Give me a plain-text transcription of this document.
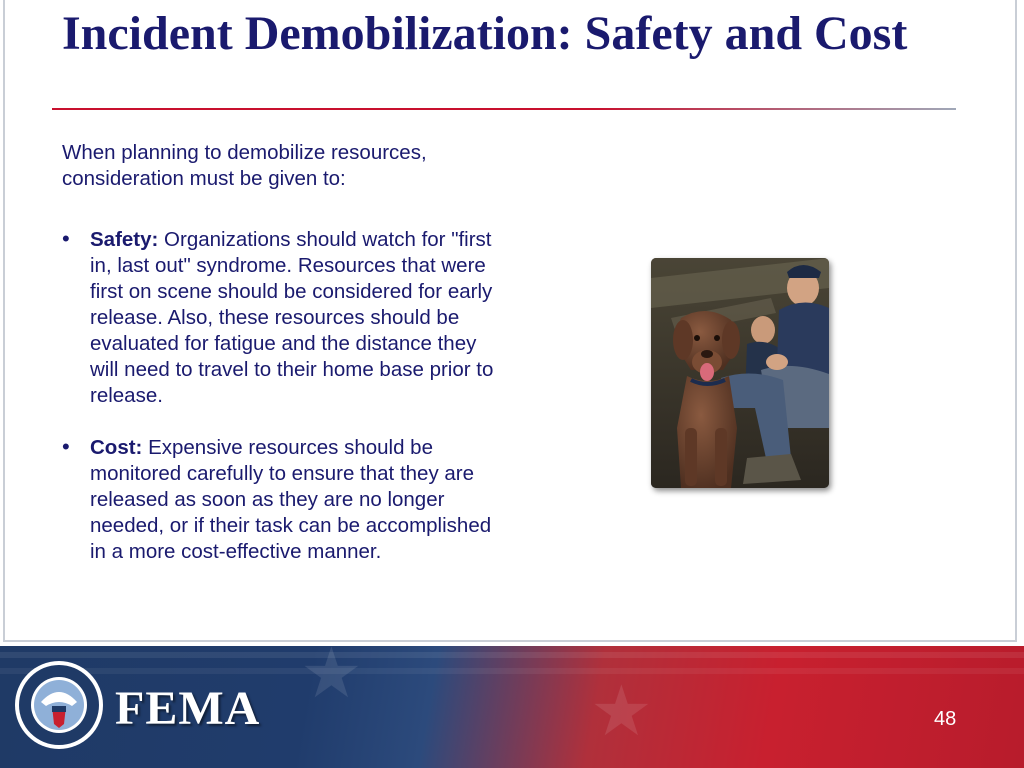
Incident Demobilization: Safety and Cost

When planning to demobilize resources, consideration must be given to:

• Safety: Organizations should watch for "first in, last out" syndrome. Resources that were first on scene should be considered for early release. Also, these resources should be evaluated for fatigue and the distance they will need to travel to their home base prior to release.
• Cost: Expensive resources should be monitored carefully to ensure that they are released as soon as they are no longer needed, or if their task can be accomplished in a more cost-effective manner.
★	★
FEMA	48
